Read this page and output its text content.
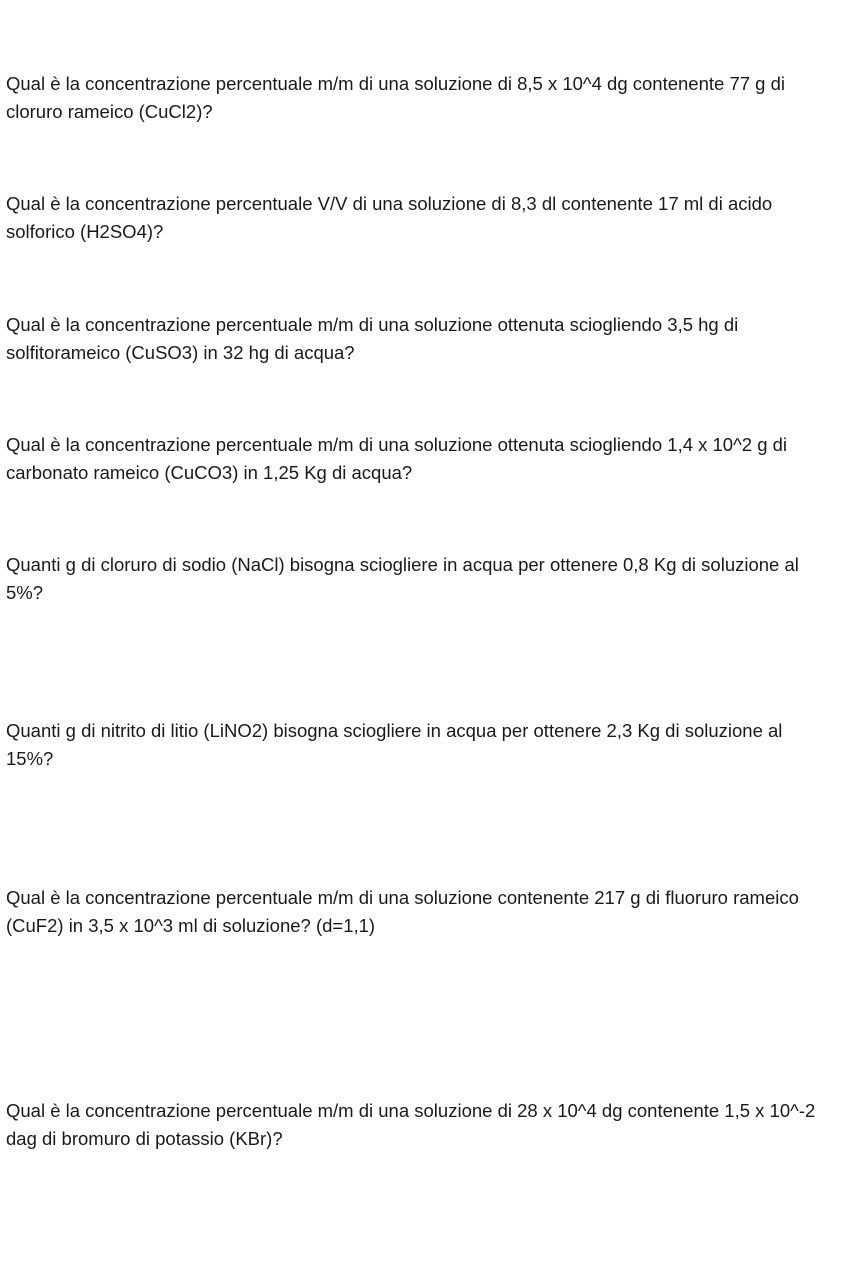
Qual è la concentrazione percentuale m/m di una soluzione di 8,5 x 10^4 dg contenente 77 g di
cloruro rameico (CuCl2)?

Qual è la concentrazione percentuale V/V di una soluzione di 8,3 dl contenente 17 ml di acido
solforico (H2SO4)?

Qual è la concentrazione percentuale m/m di una soluzione ottenuta sciogliendo 3,5 hg di
solfitorameico (CuSO3) in 32 hg di acqua?

Qual è la concentrazione percentuale m/m di una soluzione ottenuta sciogliendo 1,4 x 10^2 g di
carbonato rameico (CuCO3) in 1,25 Kg di acqua?

Quanti g di cloruro di sodio (NaCl) bisogna sciogliere in acqua per ottenere 0,8 Kg di soluzione al
5%?

Quanti g di nitrito di litio (LiNO2) bisogna sciogliere in acqua per ottenere 2,3 Kg di soluzione al
15%?

Qual è la concentrazione percentuale m/m di una soluzione contenente 217 g di fluoruro rameico
(CuF2) in 3,5 x 10^3 ml di soluzione? (d=1,1)

Qual è la concentrazione percentuale m/m di una soluzione di 28 x 10^4 dg contenente 1,5 x 10^-2
dag di bromuro di potassio (KBr)?
